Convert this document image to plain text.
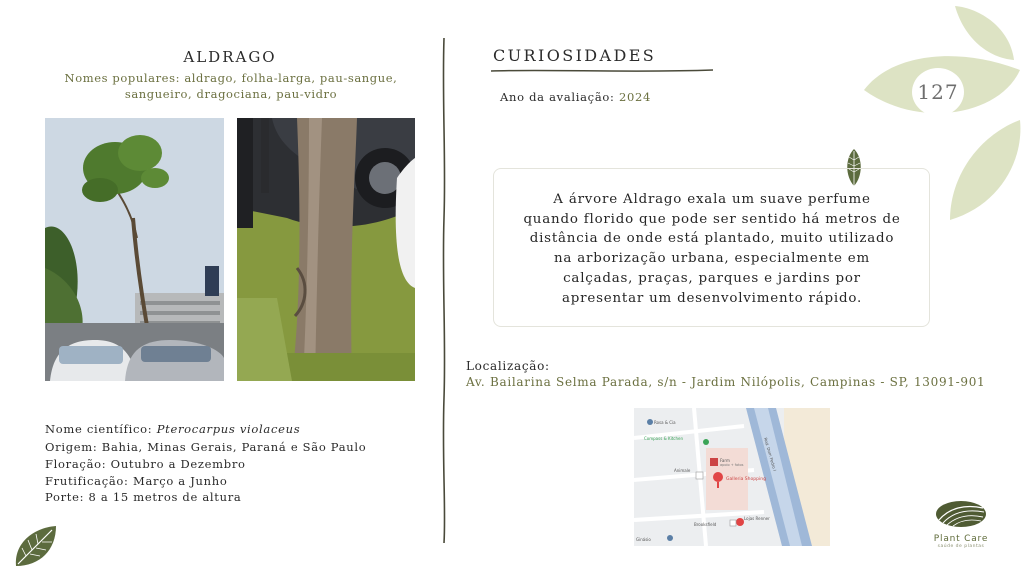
127
ALDRAGO
Nomes populares: aldrago, folha-larga, pau-sangue,
sangueiro, dragociana, pau-vidro
Nome científico: Pterocarpus violaceus
Origem: Bahia, Minas Gerais, Paraná e São Paulo
Floração: Outubro a Dezembro
Frutificação: Março a Junho
Porte: 8 a 15 metros de altura
CURIOSIDADES
Ano da avaliação: 2024
A árvore Aldrago exala um suave perfume
quando florido que pode ser sentido há metros de
distância de onde está plantado, muito utilizado
na arborização urbana, especialmente em
calçadas, praças, parques e jardins por
apresentar um desenvolvimento rápido.
Localização:
Av. Bailarina Selma Parada, s/n - Jardim Nilópolis, Campinas - SP, 13091-901
Galleria Shopping
Farm
apoio + fotos
Animale
Lojas Renner
Brooksfield
Compass & Kitchen
Rosa & Cia
Ginásio
Rod. Dom Pedro I
Plant Care
saúde de plantas
